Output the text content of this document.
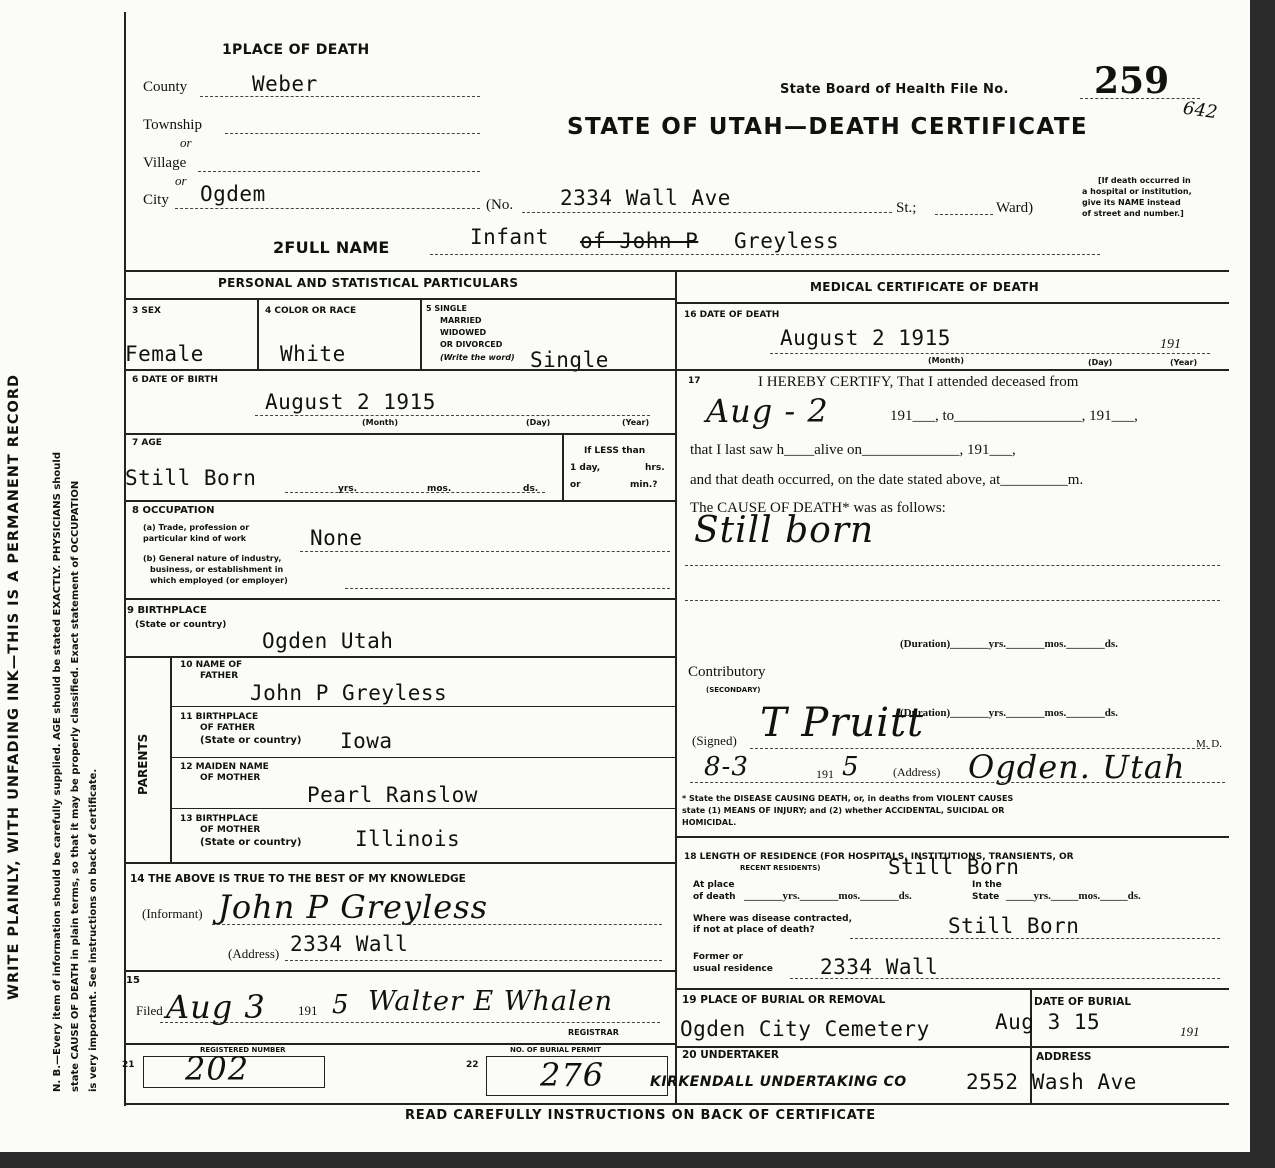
WRITE PLAINLY, WITH UNFADING INK—THIS IS A PERMANENT RECORD	N. B.—Every item of information should be carefully supplied. AGE should be stated EXACTLY. PHYSICIANS should state CAUSE OF DEATH in plain terms, so that it may be properly classified. Exact statement of OCCUPATION is very important. See instructions on back of certificate.
1PLACE OF DEATH
County	Weber
Township
or
Village
or
City Ogdem	(No. 2334 Wall Ave	St.;	Ward)
[If death occurred in
a hospital or institution,
give its NAME instead
of street and number.]
State Board of Health File No. 259
642
STATE OF UTAH—DEATH CERTIFICATE
2FULL NAME	Infant of John P Greyless
PERSONAL AND STATISTICAL PARTICULARS
3 SEX
Female
4 COLOR OR RACE
White
5 SINGLE
MARRIED
WIDOWED
OR DIVORCED
(Write the word) Single
6 DATE OF BIRTH
August 2 1915
(Month)	(Day)	(Year)
7 AGE
Still Born	yrs.	mos.	ds.
If LESS than
1 day,	hrs.
or	min.?
8 OCCUPATION
(a) Trade, profession or
particular kind of work	None
(b) General nature of industry,
business, or establishment in
which employed (or employer)
9 BIRTHPLACE
(State or country)
Ogden Utah
PARENTS
10 NAME OF
FATHER
John P Greyless
11 BIRTHPLACE
OF FATHER
(State or country) Iowa
12 MAIDEN NAME
OF MOTHER
Pearl Ranslow
13 BIRTHPLACE
OF MOTHER
(State or country)	Illinois
14 THE ABOVE IS TRUE TO THE BEST OF MY KNOWLEDGE
(Informant) John P Greyless
(Address) 2334 Wall
15
Filed Aug 3 191 5 Walter E Whalen
REGISTRAR
REGISTERED NUMBER
21 202	NO. OF BURIAL PERMIT
22 276
MEDICAL CERTIFICATE OF DEATH
16 DATE OF DEATH
August 2 1915	191
(Month)	(Day)	(Year)
17	I HEREBY CERTIFY, That I attended deceased from
Aug - 2	191___, to_________________, 191___,
that I last saw h____alive on_____________, 191___,
and that death occurred, on the date stated above, at_________m.
The CAUSE OF DEATH* was as follows:
Still born
(Duration)_______yrs._______mos._______ds.
Contributory
(SECONDARY)
(Duration)_______yrs._______mos._______ds.
(Signed) T Pruitt	M. D.
8-3	191 5	(Address) Ogden. Utah
* State the DISEASE CAUSING DEATH, or, in deaths from VIOLENT CAUSES
state (1) MEANS OF INJURY; and (2) whether ACCIDENTAL, SUICIDAL OR
HOMICIDAL.
18 LENGTH OF RESIDENCE (FOR HOSPITALS, INSTITUTIONS, TRANSIENTS, OR
RECENT RESIDENTS)	Still Born
At place
of death _______yrs._______mos._______ds.
In the
State _____yrs._____mos._____ds.
Where was disease contracted,
if not at place of death?	Still Born
Former or
usual residence 2334 Wall
19 PLACE OF BURIAL OR REMOVAL
Ogden City Cemetery
DATE OF BURIAL
Aug 3 15	191
20 UNDERTAKER
KIRKENDALL UNDERTAKING CO
ADDRESS
2552 Wash Ave
READ CAREFULLY INSTRUCTIONS ON BACK OF CERTIFICATE
